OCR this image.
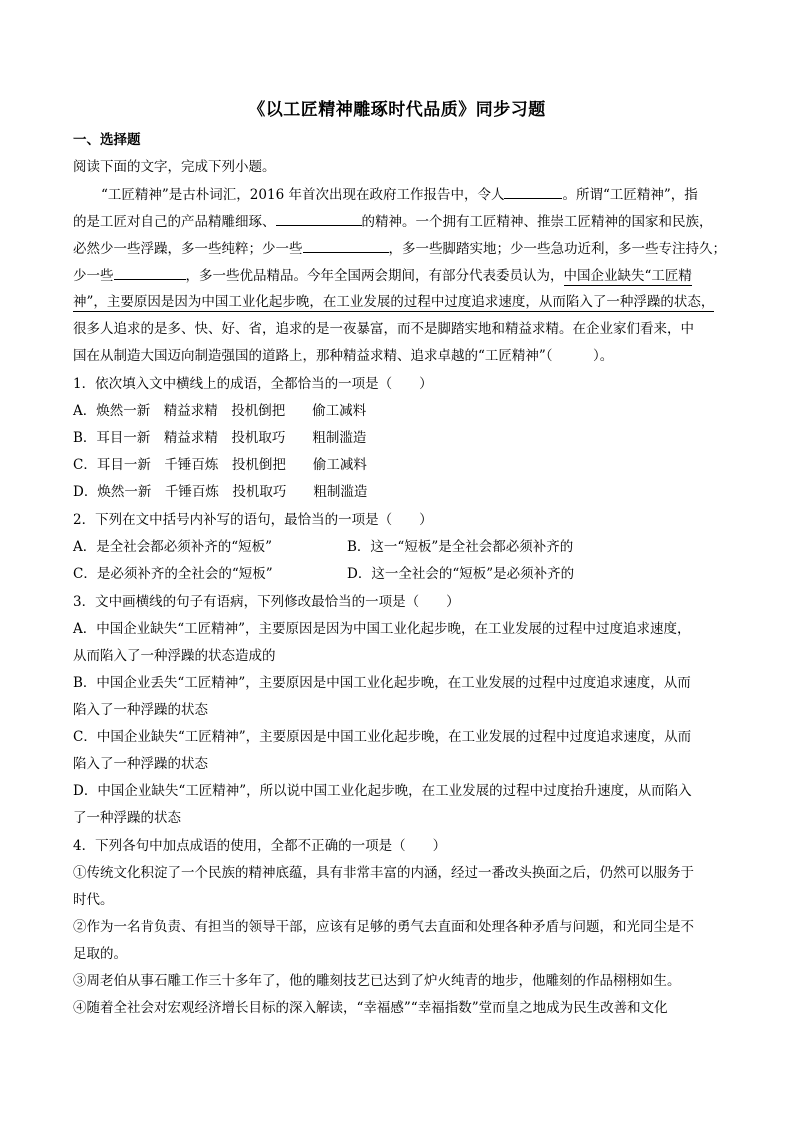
《以工匠精神雕琢时代品质》同步习题
一、选择题
阅读下面的文字，完成下列小题。
“工匠精神”是古朴词汇，2016 年首次出现在政府工作报告中，令人	。所谓“工匠精神”，指
的是工匠对自己的产品精雕细琢、	的精神。一个拥有工匠精神、推崇工匠精神的国家和民族，
必然少一些浮躁，多一些纯粹；少一些	，多一些脚踏实地；少一些急功近利，多一些专注持久；
少一些	，多一些优品精品。今年全国两会期间，有部分代表委员认为，中国企业缺失“工匠精
神”，主要原因是因为中国工业化起步晚，在工业发展的过程中过度追求速度，从而陷入了一种浮躁的状态，
很多人追求的是多、快、好、省，追求的是一夜暴富，而不是脚踏实地和精益求精。在企业家们看来，中
国在从制造大国迈向制造强国的道路上，那种精益求精、追求卓越的“工匠精神”（　　　）。
1．依次填入文中横线上的成语，全都恰当的一项是（　　）
A．焕然一新　精益求精　投机倒把　　偷工减料
B．耳目一新　精益求精　投机取巧　　粗制滥造
C．耳目一新　千锤百炼　投机倒把　　偷工减料
D．焕然一新　千锤百炼　投机取巧　　粗制滥造
2．下列在文中括号内补写的语句，最恰当的一项是（　　）
A．是全社会都必须补齐的“短板”	B．这一“短板”是全社会都必须补齐的
C．是必须补齐的全社会的“短板”	D．这一全社会的“短板”是必须补齐的
3．文中画横线的句子有语病，下列修改最恰当的一项是（　　）
A．中国企业缺失“工匠精神”，主要原因是因为中国工业化起步晚，在工业发展的过程中过度追求速度，
从而陷入了一种浮躁的状态造成的
B．中国企业丢失“工匠精神”，主要原因是中国工业化起步晚，在工业发展的过程中过度追求速度，从而
陷入了一种浮躁的状态
C．中国企业缺失“工匠精神”，主要原因是中国工业化起步晚，在工业发展的过程中过度追求速度，从而
陷入了一种浮躁的状态
D．中国企业缺失“工匠精神”，所以说中国工业化起步晚，在工业发展的过程中过度抬升速度，从而陷入
了一种浮躁的状态
4．下列各句中加点成语的使用，全都不正确的一项是（　　）
①传统文化积淀了一个民族的精神底蕴，具有非常丰富的内涵，经过一番改头换面之后，仍然可以服务于
时代。
②作为一名肯负责、有担当的领导干部，应该有足够的勇气去直面和处理各种矛盾与问题，和光同尘是不
足取的。
③周老伯从事石雕工作三十多年了，他的雕刻技艺已达到了炉火纯青的地步，他雕刻的作品栩栩如生。
④随着全社会对宏观经济增长目标的深入解读，“幸福感”“幸福指数”堂而皇之地成为民生改善和文化
